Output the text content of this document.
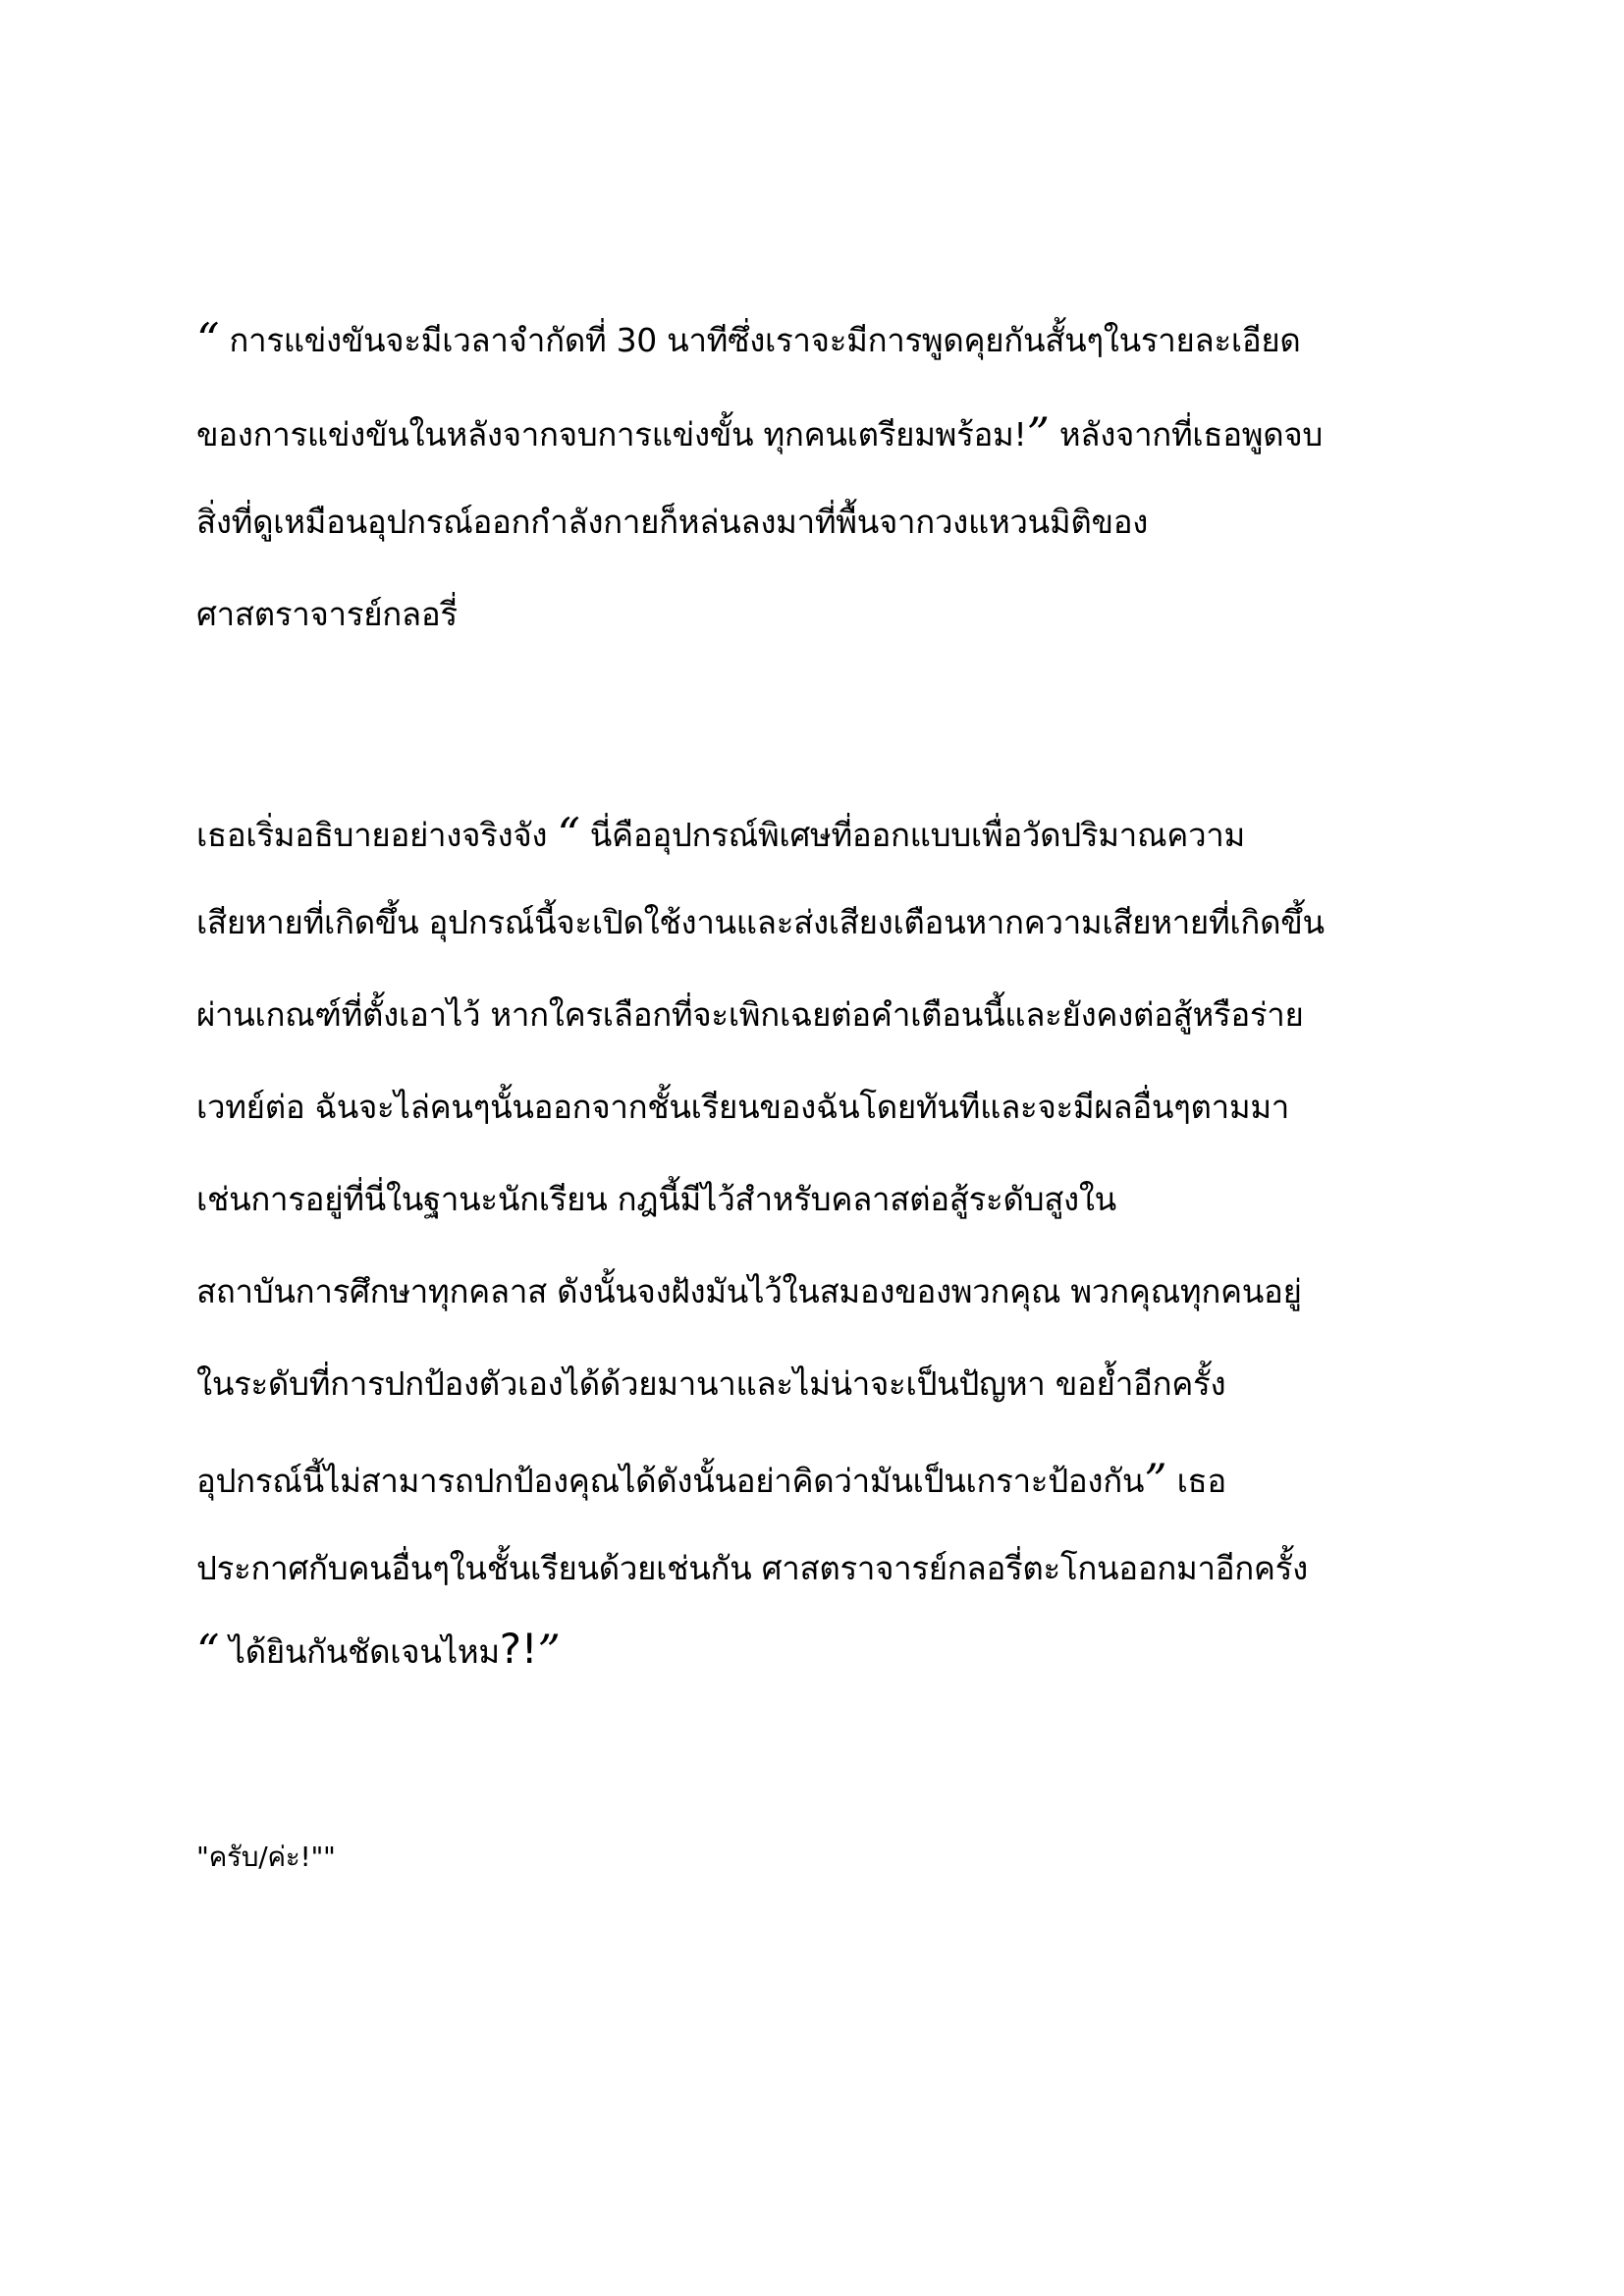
“ การแข่งขันจะมีเวลาจำกัดที่ 30 นาทีซึ่งเราจะมีการพูดคุยกันสั้นๆในรายละเอียด

ของการแข่งขันในหลังจากจบการแข่งขั้น ทุกคนเตรียมพร้อม!” หลังจากที่เธอพูดจบ

สิ่งที่ดูเหมือนอุปกรณ์ออกกำลังกายก็หล่นลงมาที่พื้นจากวงแหวนมิติของ

ศาสตราจารย์กลอรี่

เธอเริ่มอธิบายอย่างจริงจัง “ นี่คืออุปกรณ์พิเศษที่ออกแบบเพื่อวัดปริมาณความ

เสียหายที่เกิดขึ้น อุปกรณ์นี้จะเปิดใช้งานและส่งเสียงเตือนหากความเสียหายที่เกิดขึ้น

ผ่านเกณฑ์ที่ตั้งเอาไว้ หากใครเลือกที่จะเพิกเฉยต่อคำเตือนนี้และยังคงต่อสู้หรือร่าย

เวทย์ต่อ ฉันจะไล่คนๆนั้นออกจากชั้นเรียนของฉันโดยทันทีและจะมีผลอื่นๆตามมา

เช่นการอยู่ที่นี่ในฐานะนักเรียน กฎนี้มีไว้สำหรับคลาสต่อสู้ระดับสูงใน

สถาบันการศึกษาทุกคลาส ดังนั้นจงฝังมันไว้ในสมองของพวกคุณ พวกคุณทุกคนอยู่

ในระดับที่การปกป้องตัวเองได้ด้วยมานาและไม่น่าจะเป็นปัญหา ขอย้ำอีกครั้ง

อุปกรณ์นี้ไม่สามารถปกป้องคุณได้ดังนั้นอย่าคิดว่ามันเป็นเกราะป้องกัน” เธอ

ประกาศกับคนอื่นๆในชั้นเรียนด้วยเช่นกัน ศาสตราจารย์กลอรี่ตะโกนออกมาอีกครั้ง

“ ได้ยินกันชัดเจนไหม?!”

"ครับ/ค่ะ!""
